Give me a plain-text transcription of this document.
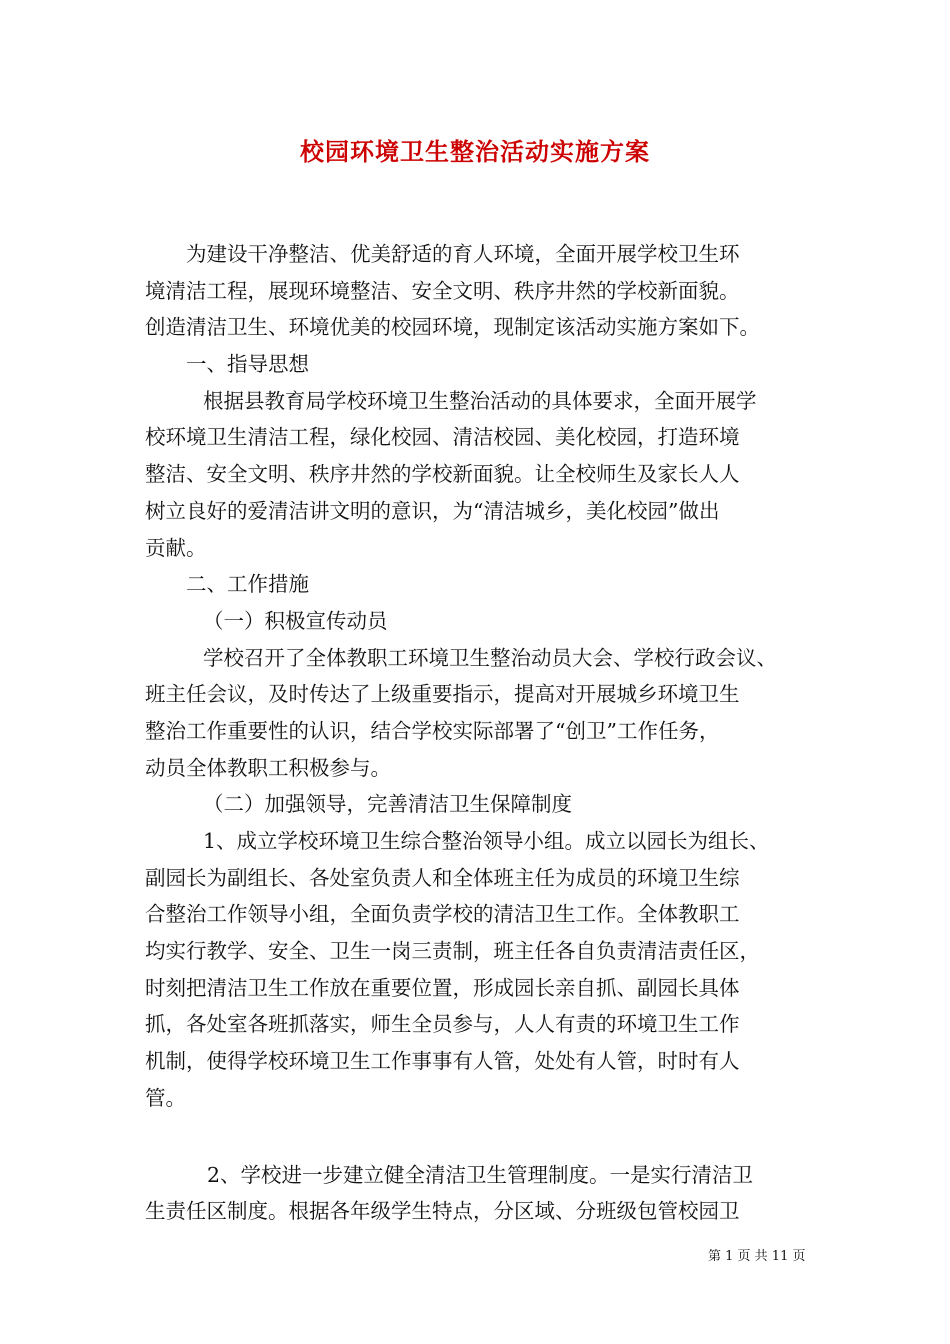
校园环境卫生整治活动实施方案
为建设干净整洁、优美舒适的育人环境，全面开展学校卫生环
境清洁工程，展现环境整洁、安全文明、秩序井然的学校新面貌。
创造清洁卫生、环境优美的校园环境，现制定该活动实施方案如下。
一、指导思想
根据县教育局学校环境卫生整治活动的具体要求，全面开展学
校环境卫生清洁工程，绿化校园、清洁校园、美化校园，打造环境
整洁、安全文明、秩序井然的学校新面貌。让全校师生及家长人人
树立良好的爱清洁讲文明的意识，为“清洁城乡，美化校园”做出
贡献。
二、工作措施
（一）积极宣传动员
学校召开了全体教职工环境卫生整治动员大会、学校行政会议、
班主任会议，及时传达了上级重要指示，提高对开展城乡环境卫生
整治工作重要性的认识，结合学校实际部署了“创卫”工作任务，
动员全体教职工积极参与。
（二）加强领导，完善清洁卫生保障制度
1、成立学校环境卫生综合整治领导小组。成立以园长为组长、
副园长为副组长、各处室负责人和全体班主任为成员的环境卫生综
合整治工作领导小组，全面负责学校的清洁卫生工作。全体教职工
均实行教学、安全、卫生一岗三责制，班主任各自负责清洁责任区，
时刻把清洁卫生工作放在重要位置，形成园长亲自抓、副园长具体
抓，各处室各班抓落实，师生全员参与，人人有责的环境卫生工作
机制，使得学校环境卫生工作事事有人管，处处有人管，时时有人
管。
2、学校进一步建立健全清洁卫生管理制度。一是实行清洁卫
生责任区制度。根据各年级学生特点，分区域、分班级包管校园卫
第 1 页 共 11 页
